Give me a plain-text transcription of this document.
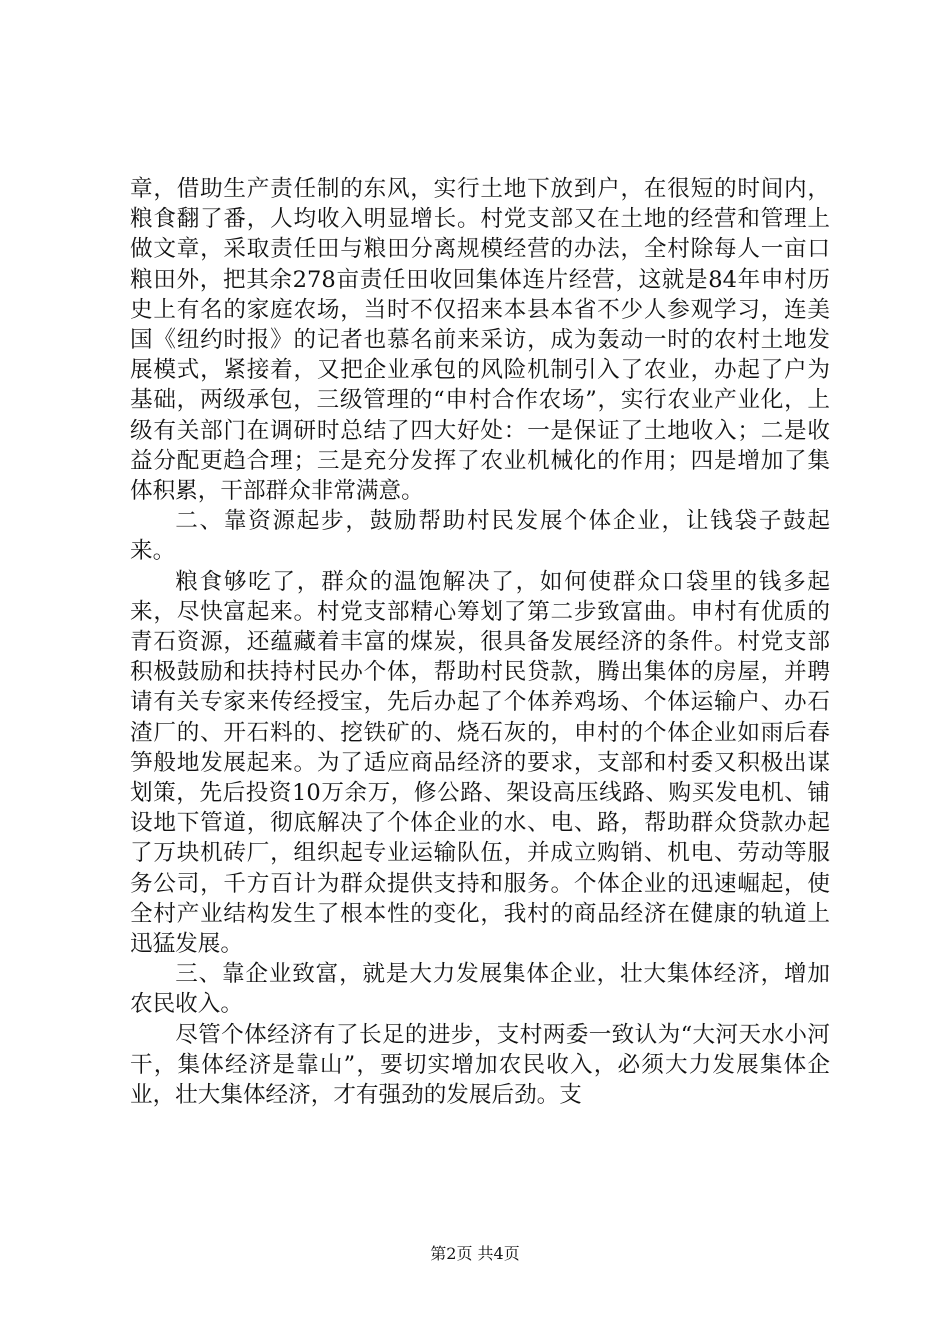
章，借助生产责任制的东风，实行土地下放到户，在很短的时间内，粮食翻了番，人均收入明显增长。村党支部又在土地的经营和管理上做文章，采取责任田与粮田分离规模经营的办法，全村除每人一亩口粮田外，把其余278亩责任田收回集体连片经营，这就是84年申村历史上有名的家庭农场，当时不仅招来本县本省不少人参观学习，连美国《纽约时报》的记者也慕名前来采访，成为轰动一时的农村土地发展模式，紧接着，又把企业承包的风险机制引入了农业，办起了户为基础，两级承包，三级管理的“申村合作农场”，实行农业产业化，上级有关部门在调研时总结了四大好处：一是保证了土地收入；二是收益分配更趋合理；三是充分发挥了农业机械化的作用；四是增加了集体积累，干部群众非常满意。

二、靠资源起步，鼓励帮助村民发展个体企业，让钱袋子鼓起来。

粮食够吃了，群众的温饱解决了，如何使群众口袋里的钱多起来，尽快富起来。村党支部精心筹划了第二步致富曲。申村有优质的青石资源，还蕴藏着丰富的煤炭，很具备发展经济的条件。村党支部积极鼓励和扶持村民办个体，帮助村民贷款，腾出集体的房屋，并聘请有关专家来传经授宝，先后办起了个体养鸡场、个体运输户、办石渣厂的、开石料的、挖铁矿的、烧石灰的，申村的个体企业如雨后春笋般地发展起来。为了适应商品经济的要求，支部和村委又积极出谋划策，先后投资10万余万，修公路、架设高压线路、购买发电机、铺设地下管道，彻底解决了个体企业的水、电、路，帮助群众贷款办起了万块机砖厂，组织起专业运输队伍，并成立购销、机电、劳动等服务公司，千方百计为群众提供支持和服务。个体企业的迅速崛起，使全村产业结构发生了根本性的变化，我村的商品经济在健康的轨道上迅猛发展。

三、靠企业致富，就是大力发展集体企业，壮大集体经济，增加农民收入。

尽管个体经济有了长足的进步，支村两委一致认为“大河天水小河干，集体经济是靠山”，要切实增加农民收入，必须大力发展集体企业，壮大集体经济，才有强劲的发展后劲。支

第2页 共4页
